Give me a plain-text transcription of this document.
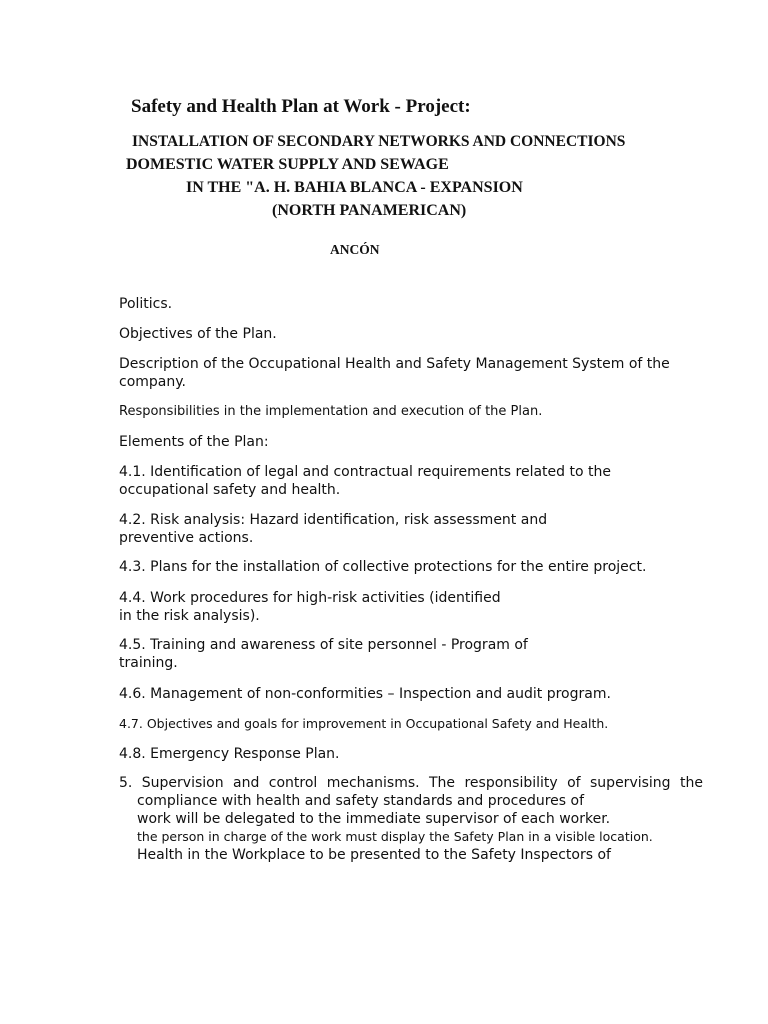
Safety and Health Plan at Work - Project:
INSTALLATION OF SECONDARY NETWORKS AND CONNECTIONS
DOMESTIC WATER SUPPLY AND SEWAGE
IN THE "A. H. BAHIA BLANCA - EXPANSION
(NORTH PANAMERICAN)
ANCÓN
Politics.
Objectives of the Plan.
Description of the Occupational Health and Safety Management System of the
company.
Responsibilities in the implementation and execution of the Plan.
Elements of the Plan:
4.1. Identification of legal and contractual requirements related to the
occupational safety and health.
4.2. Risk analysis: Hazard identification, risk assessment and
preventive actions.
4.3. Plans for the installation of collective protections for the entire project.
4.4. Work procedures for high-risk activities (identified
in the risk analysis).
4.5. Training and awareness of site personnel - Program of
training.
4.6. Management of non-conformities – Inspection and audit program.
4.7. Objectives and goals for improvement in Occupational Safety and Health.
4.8. Emergency Response Plan.
5. Supervision and control mechanisms. The responsibility of supervising the
compliance with health and safety standards and procedures of
work will be delegated to the immediate supervisor of each worker.
the person in charge of the work must display the Safety Plan in a visible location.
Health in the Workplace to be presented to the Safety Inspectors of
